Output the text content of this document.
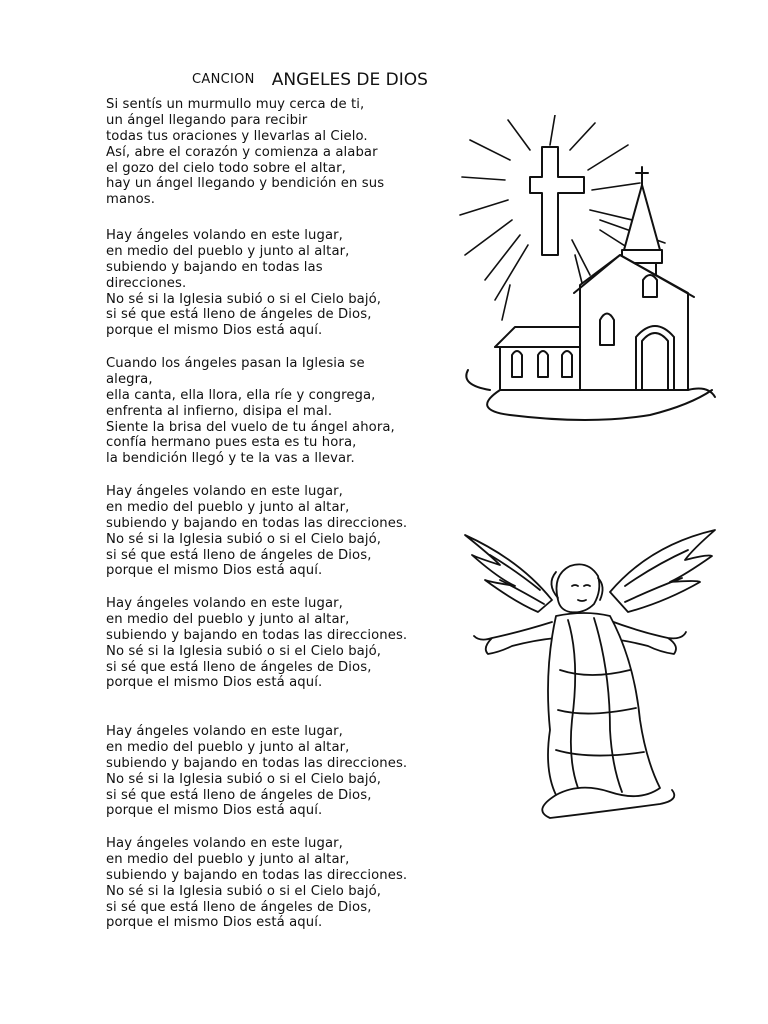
CANCION ANGELES DE DIOS
Si sentís un murmullo muy cerca de ti,
un ángel llegando para recibir
todas tus oraciones y llevarlas al Cielo.
Así, abre el corazón y comienza a alabar
el gozo del cielo todo sobre el altar,
hay un ángel llegando y bendición en sus
manos.
Hay ángeles volando en este lugar,
en medio del pueblo y junto al altar,
subiendo y bajando en todas las
direcciones.
No sé si la Iglesia subió o si el Cielo bajó,
si sé que está lleno de ángeles de Dios,
porque el mismo Dios está aquí.
Cuando los ángeles pasan la Iglesia se
alegra,
ella canta, ella llora, ella ríe y congrega,
enfrenta al infierno, disipa el mal.
Siente la brisa del vuelo de tu ángel ahora,
confía hermano pues esta es tu hora,
la bendición llegó y te la vas a llevar.
Hay ángeles volando en este lugar,
en medio del pueblo y junto al altar,
subiendo y bajando en todas las direcciones.
No sé si la Iglesia subió o si el Cielo bajó,
si sé que está lleno de ángeles de Dios,
porque el mismo Dios está aquí.
Hay ángeles volando en este lugar,
en medio del pueblo y junto al altar,
subiendo y bajando en todas las direcciones.
No sé si la Iglesia subió o si el Cielo bajó,
si sé que está lleno de ángeles de Dios,
porque el mismo Dios está aquí.
Hay ángeles volando en este lugar,
en medio del pueblo y junto al altar,
subiendo y bajando en todas las direcciones.
No sé si la Iglesia subió o si el Cielo bajó,
si sé que está lleno de ángeles de Dios,
porque el mismo Dios está aquí.
Hay ángeles volando en este lugar,
en medio del pueblo y junto al altar,
subiendo y bajando en todas las direcciones.
No sé si la Iglesia subió o si el Cielo bajó,
si sé que está lleno de ángeles de Dios,
porque el mismo Dios está aquí.
